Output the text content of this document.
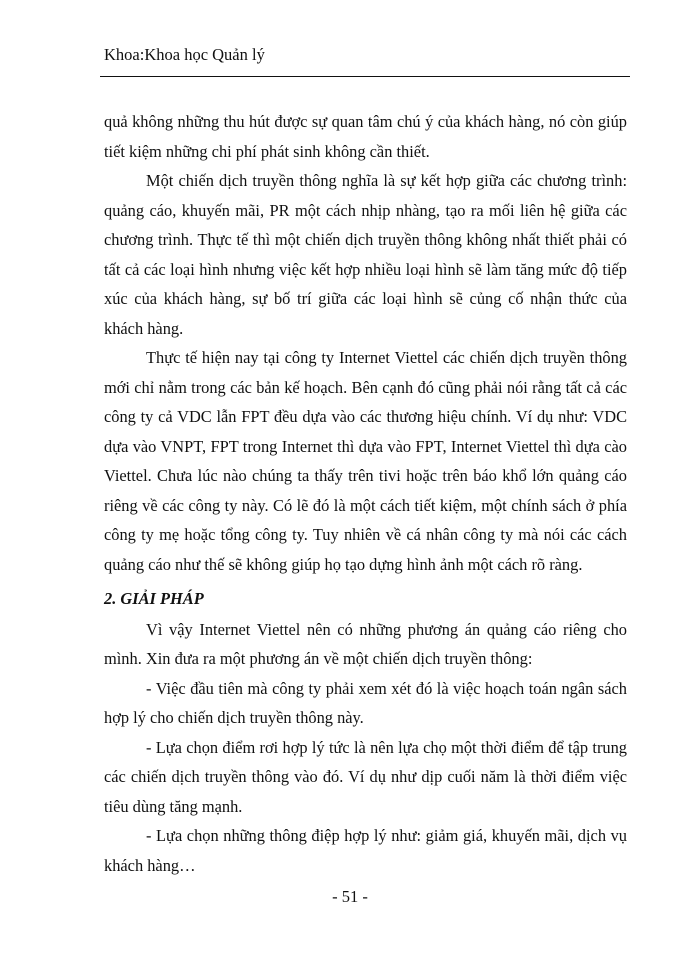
Khoa:Khoa học Quản lý

quả không những thu hút được sự quan tâm chú ý của khách hàng, nó còn giúp tiết kiệm những chi phí phát sinh không cần thiết.

Một chiến dịch truyền thông nghĩa là sự kết hợp giữa các chương trình: quảng cáo, khuyến mãi, PR một cách nhịp nhàng, tạo ra mối liên hệ giữa các chương trình. Thực tế thì một chiến dịch truyền thông không nhất thiết phải có tất cả các loại hình nhưng việc kết hợp nhiều loại hình sẽ làm tăng mức độ tiếp xúc của khách hàng, sự bố trí giữa các loại hình sẽ củng cố nhận thức của khách hàng.

Thực tế hiện nay tại công ty Internet Viettel các chiến dịch truyền thông mới chỉ nằm trong các bản kế hoạch. Bên cạnh đó cũng phải nói rằng tất cả các công ty cả VDC lẫn FPT đều dựa vào các thương hiệu chính. Ví dụ như: VDC dựa vào VNPT, FPT trong Internet thì dựa vào FPT, Internet Viettel thì dựa cào Viettel. Chưa lúc nào chúng ta thấy trên tivi hoặc trên báo khổ lớn quảng cáo riêng về các công ty này. Có lẽ đó là một cách tiết kiệm, một chính sách ở phía công ty mẹ hoặc tổng công ty. Tuy nhiên về cá nhân công ty mà nói các cách quảng cáo như thế sẽ không giúp họ tạo dựng hình ảnh một cách rõ ràng.

2. GIẢI PHÁP

Vì vậy Internet Viettel nên có những phương án quảng cáo riêng cho mình. Xin đưa ra một phương án về một chiến dịch truyền thông:

- Việc đầu tiên mà công ty phải xem xét đó là việc hoạch toán ngân sách hợp lý cho chiến dịch truyền thông này.

- Lựa chọn điểm rơi hợp lý tức là nên lựa chọ một thời điểm để tập trung các chiến dịch truyền thông vào đó. Ví dụ như dịp cuối năm là thời điểm việc tiêu dùng tăng mạnh.

- Lựa chọn những thông điệp hợp lý như: giảm giá, khuyến mãi, dịch vụ khách hàng…

- 51 -
